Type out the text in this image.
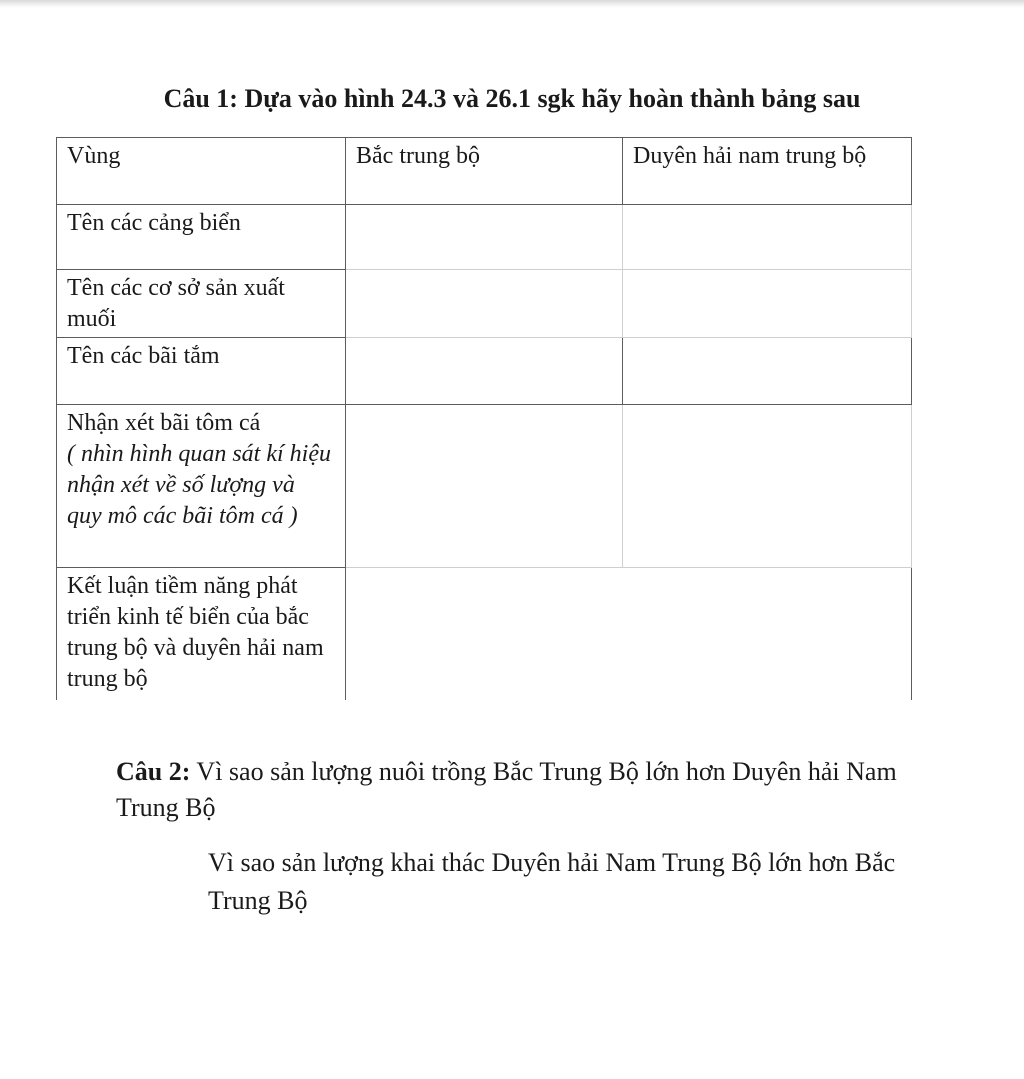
Câu 1: Dựa vào hình 24.3 và 26.1 sgk hãy hoàn thành bảng sau
Vùng	Bắc trung bộ	Duyên hải nam trung bộ
Tên các cảng biển		
Tên các cơ sở sản xuất muối		
Tên các bãi tắm		
Nhận xét bãi tôm cá
( nhìn hình quan sát kí hiệu nhận xét về số lượng và quy mô các bãi tôm cá )		
Kết luận tiềm năng phát triển kinh tế biển của bắc trung bộ và duyên hải nam trung bộ		
Câu 2: Vì sao sản lượng nuôi trồng Bắc Trung Bộ lớn hơn Duyên hải Nam Trung Bộ
Vì sao sản lượng khai thác Duyên hải Nam Trung Bộ lớn hơn Bắc Trung Bộ
